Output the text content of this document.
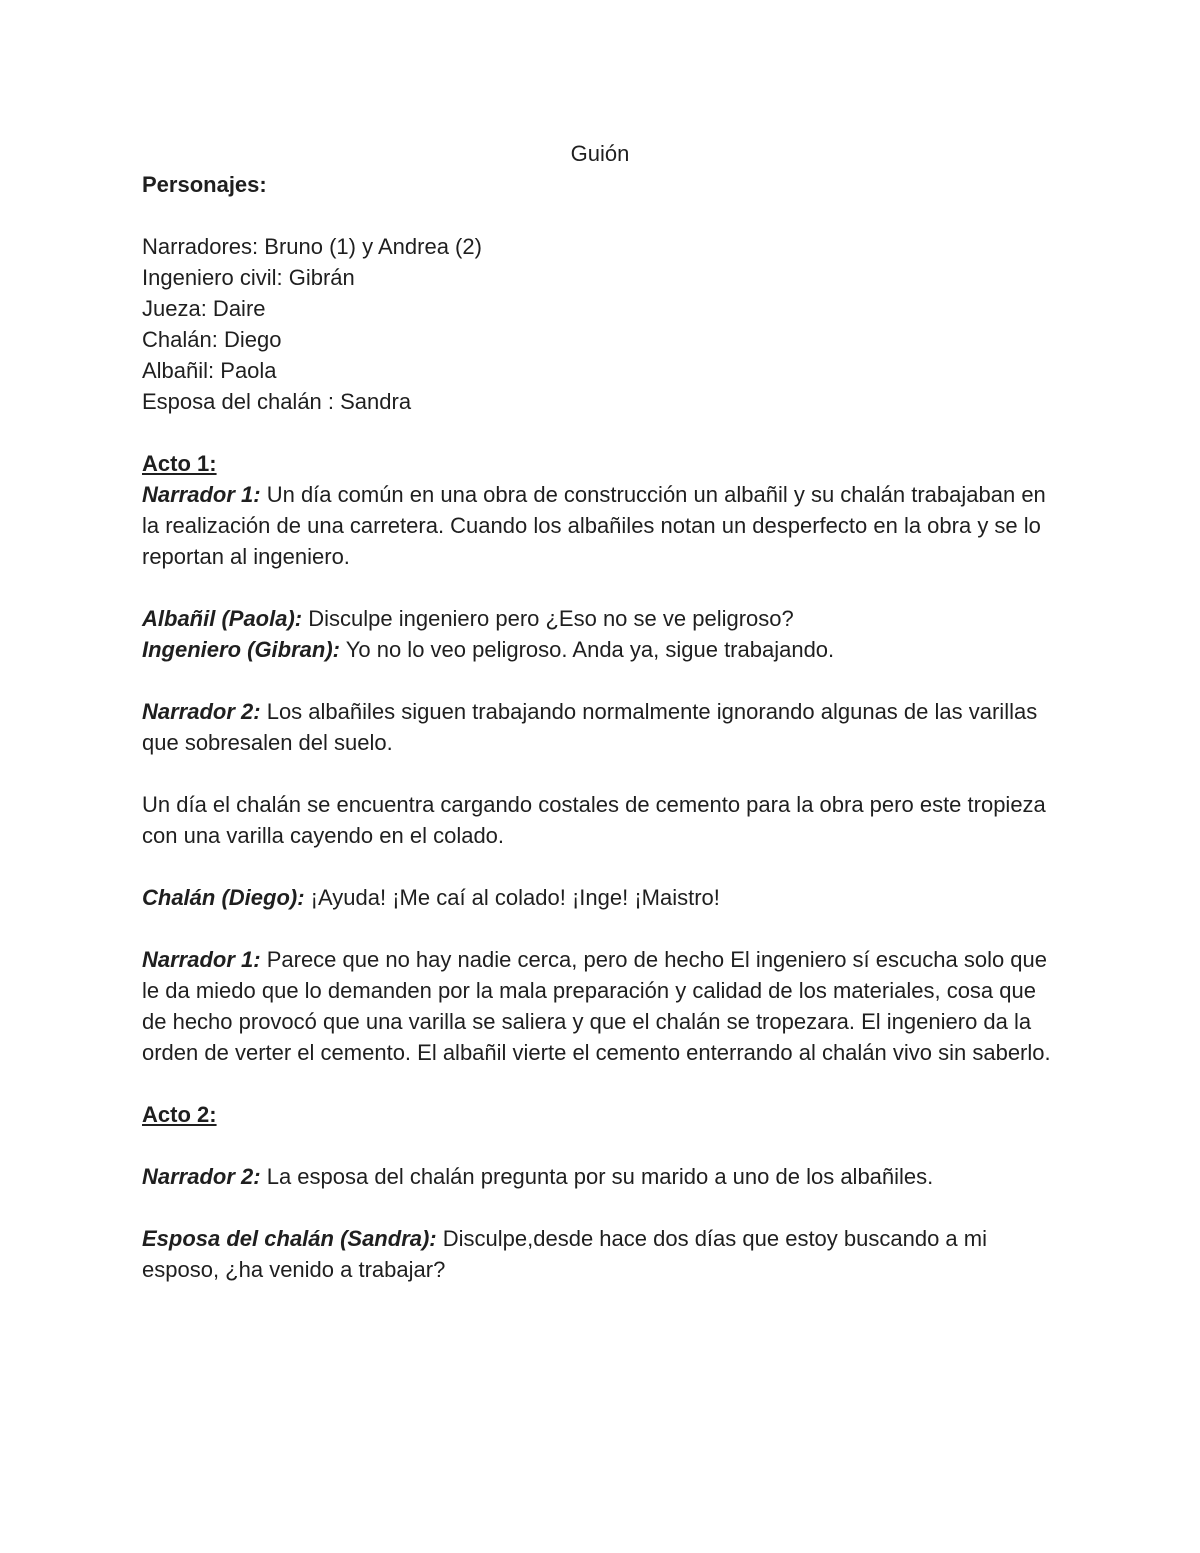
Guión

Personajes:

Narradores: Bruno (1) y Andrea (2)

Ingeniero civil: Gibrán

Jueza: Daire

Chalán: Diego

Albañil: Paola

Esposa del chalán : Sandra

Acto 1:

Narrador 1: Un día común en una obra de construcción un albañil y su chalán trabajaban en la realización de una carretera. Cuando los albañiles notan un desperfecto en la obra y se lo reportan al ingeniero.

Albañil (Paola): Disculpe ingeniero pero ¿Eso no se ve peligroso?

Ingeniero (Gibran): Yo no lo veo peligroso. Anda ya, sigue trabajando.

Narrador 2: Los albañiles siguen trabajando normalmente ignorando algunas de las varillas que sobresalen del suelo.

Un día el chalán se encuentra cargando costales de cemento para la obra pero este tropieza con una varilla cayendo en el colado.

Chalán (Diego): ¡Ayuda! ¡Me caí al colado! ¡Inge! ¡Maistro!

Narrador 1: Parece que no hay nadie cerca, pero de hecho El ingeniero sí escucha solo que le da miedo que lo demanden por la mala preparación y calidad de los materiales, cosa que de hecho provocó que una varilla se saliera y que el chalán se tropezara. El ingeniero da la orden de verter el cemento. El albañil vierte el cemento enterrando al chalán vivo sin saberlo.

Acto 2:

Narrador 2: La esposa del chalán pregunta por su marido a uno de los albañiles.

Esposa del chalán (Sandra): Disculpe,desde hace dos días que estoy buscando a mi esposo, ¿ha venido a trabajar?
